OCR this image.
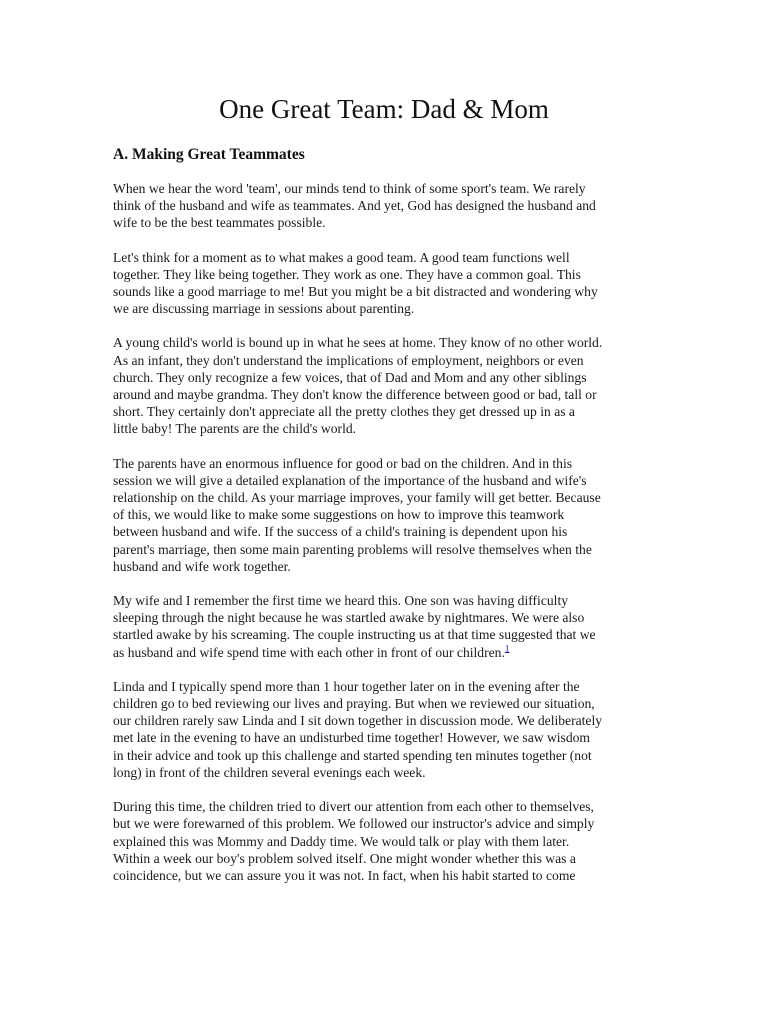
One Great Team: Dad & Mom
A. Making Great Teammates

When we hear the word 'team', our minds tend to think of some sport's team. We rarely
think of the husband and wife as teammates. And yet, God has designed the husband and
wife to be the best teammates possible.

Let's think for a moment as to what makes a good team. A good team functions well
together. They like being together. They work as one. They have a common goal. This
sounds like a good marriage to me! But you might be a bit distracted and wondering why
we are discussing marriage in sessions about parenting.

A young child's world is bound up in what he sees at home. They know of no other world.
As an infant, they don't understand the implications of employment, neighbors or even
church. They only recognize a few voices, that of Dad and Mom and any other siblings
around and maybe grandma. They don't know the difference between good or bad, tall or
short. They certainly don't appreciate all the pretty clothes they get dressed up in as a
little baby! The parents are the child's world.

The parents have an enormous influence for good or bad on the children. And in this
session we will give a detailed explanation of the importance of the husband and wife's
relationship on the child. As your marriage improves, your family will get better. Because
of this, we would like to make some suggestions on how to improve this teamwork
between husband and wife. If the success of a child's training is dependent upon his
parent's marriage, then some main parenting problems will resolve themselves when the
husband and wife work together.

My wife and I remember the first time we heard this. One son was having difficulty
sleeping through the night because he was startled awake by nightmares. We were also
startled awake by his screaming. The couple instructing us at that time suggested that we
as husband and wife spend time with each other in front of our children.$^1$

Linda and I typically spend more than 1 hour together later on in the evening after the
children go to bed reviewing our lives and praying. But when we reviewed our situation,
our children rarely saw Linda and I sit down together in discussion mode. We deliberately
met late in the evening to have an undisturbed time together! However, we saw wisdom
in their advice and took up this challenge and started spending ten minutes together (not
long) in front of the children several evenings each week.

During this time, the children tried to divert our attention from each other to themselves,
but we were forewarned of this problem. We followed our instructor's advice and simply
explained this was Mommy and Daddy time. We would talk or play with them later.
Within a week our boy's problem solved itself. One might wonder whether this was a
coincidence, but we can assure you it was not. In fact, when his habit started to come
